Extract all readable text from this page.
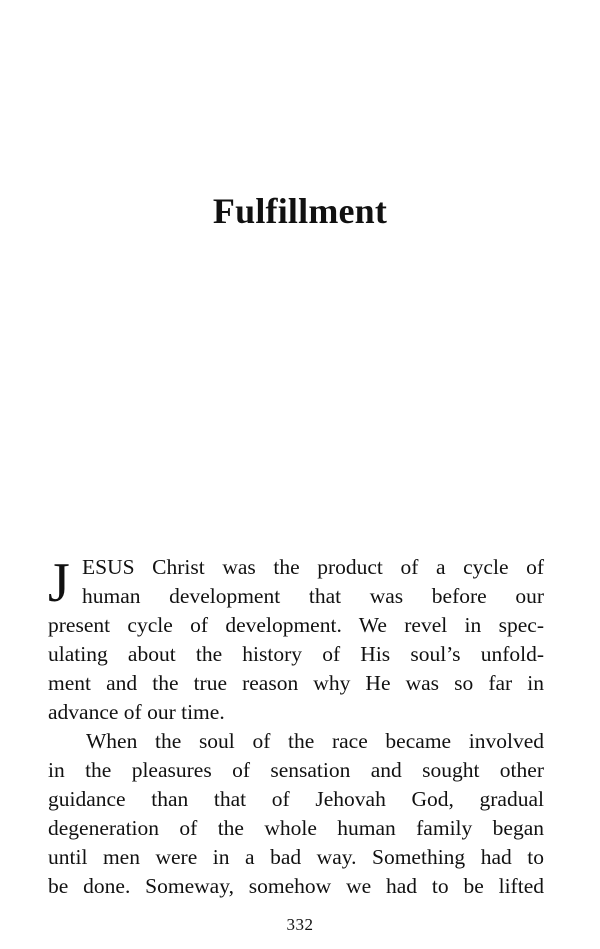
Fulfillment
J ESUS Christ was the product of a cycle of
human development that was before our
present cycle of development. We revel in spec-
ulating about the history of His soul’s unfold-
ment and the true reason why He was so far in
advance of our time.
When the soul of the race became involved
in the pleasures of sensation and sought other
guidance than that of Jehovah God, gradual
degeneration of the whole human family began
until men were in a bad way. Something had to
be done. Someway, somehow we had to be lifted
332
